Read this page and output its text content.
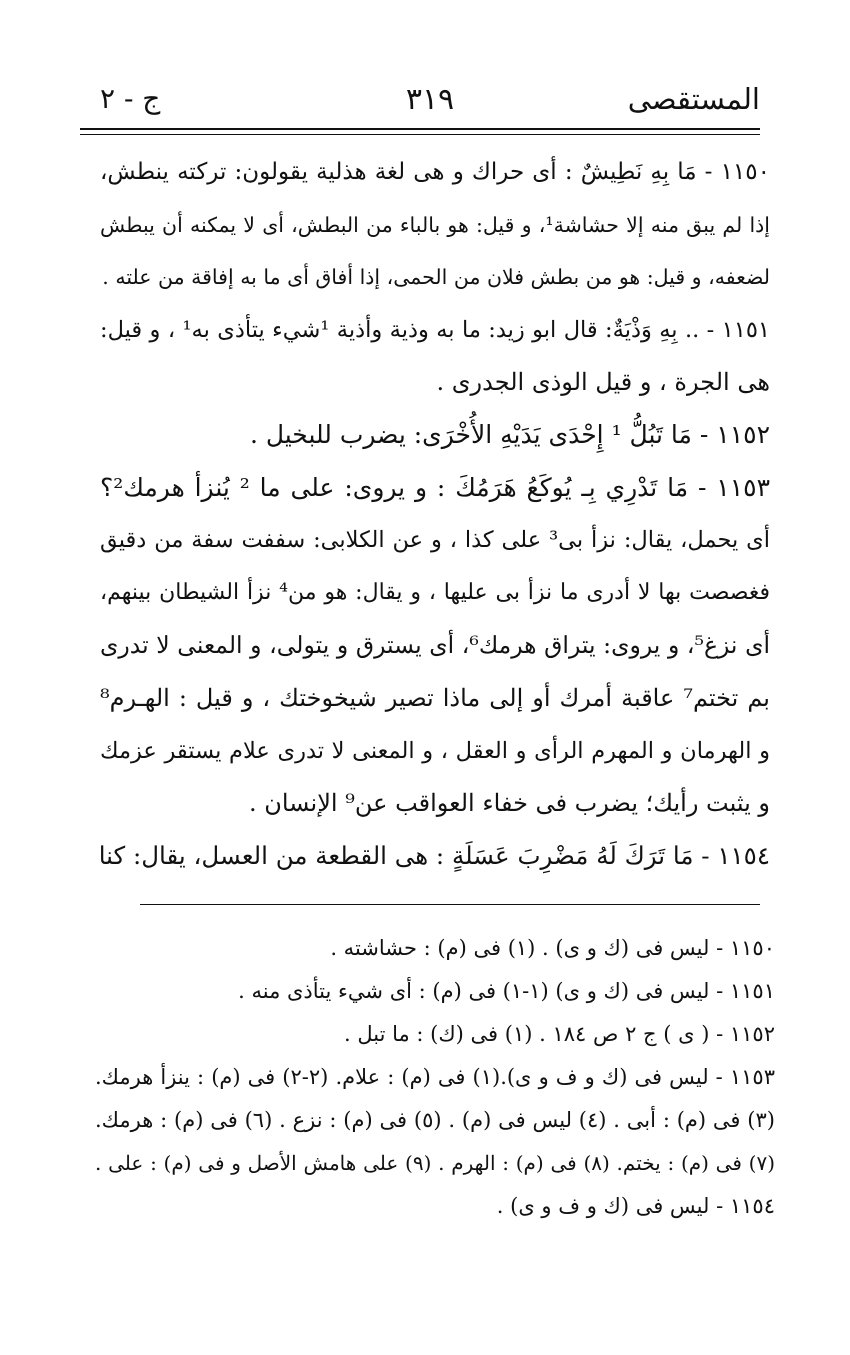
المستقصى
٣١٩
ج - ٢
١١٥٠ - مَا بِهِ نَطِيشٌ : أى حراك و هى لغة هذلية يقولون: تركته ينطش،
إذا لم يبق منه إلا حشاشة¹، و قيل: هو بالباء من البطش، أى لا يمكنه أن يبطش
لضعفه، و قيل: هو من بطش فلان من الحمى، إذا أفاق أى ما به إفاقة من علته .
١١٥١ - .. بِهِ وَذْيَةٌ: قال ابو زيد: ما به وذية وأذية ¹شيء يتأذى به¹ ، و قيل:
هى الجرة ، و قيل الوذى الجدرى .
١١٥٢ - مَا تَبُلُّ ¹ إِحْدَى يَدَيْهِ الأُخْرَى: يضرب للبخيل .
١١٥٣ - مَا تَدْرِي بِـ يُوكَعُ هَرَمُكَ : و يروى: على ما ² يُنزأ هرمك²؟
أى يحمل، يقال: نزأ بى³ على كذا ، و عن الكلابى: سففت سفة من دقيق
فغصصت بها لا أدرى ما نزأ بى عليها ، و يقال: هو من⁴ نزأ الشيطان بينهم،
أى نزغ⁵، و يروى: يتراق هرمك⁶، أى يسترق و يتولى، و المعنى لا تدرى
بم تختم⁷ عاقبة أمرك أو إلى ماذا تصير شيخوختك ، و قيل : الهـرم⁸
و الهرمان و المهرم الرأى و العقل ، و المعنى لا تدرى علام يستقر عزمك
و يثبت رأيك؛ يضرب فى خفاء العواقب عن⁹ الإنسان .
١١٥٤ - مَا تَرَكَ لَهُ مَضْرِبَ عَسَلَةٍ : هى القطعة من العسل، يقال: كنا
١١٥٠ - ليس فى (ك و ى) . (١) فى (م) : حشاشته .
١١٥١ - ليس فى (ك و ى) (١-١) فى (م) : أى شيء يتأذى منه .
١١٥٢ - ( ى ) ج ٢ ص ١٨٤ . (١) فى (ك) : ما تبل .
١١٥٣ - ليس فى (ك و ف و ى).(١) فى (م) : علام. (٢-٢) فى (م) : ينزأ هرمك.
(٣) فى (م) : أبى . (٤) ليس فى (م) . (٥) فى (م) : نزع . (٦) فى (م) : هرمك.
(٧) فى (م) : يختم. (٨) فى (م) : الهرم . (٩) على هامش الأصل و فى (م) : على .
١١٥٤ - ليس فى (ك و ف و ى) .
